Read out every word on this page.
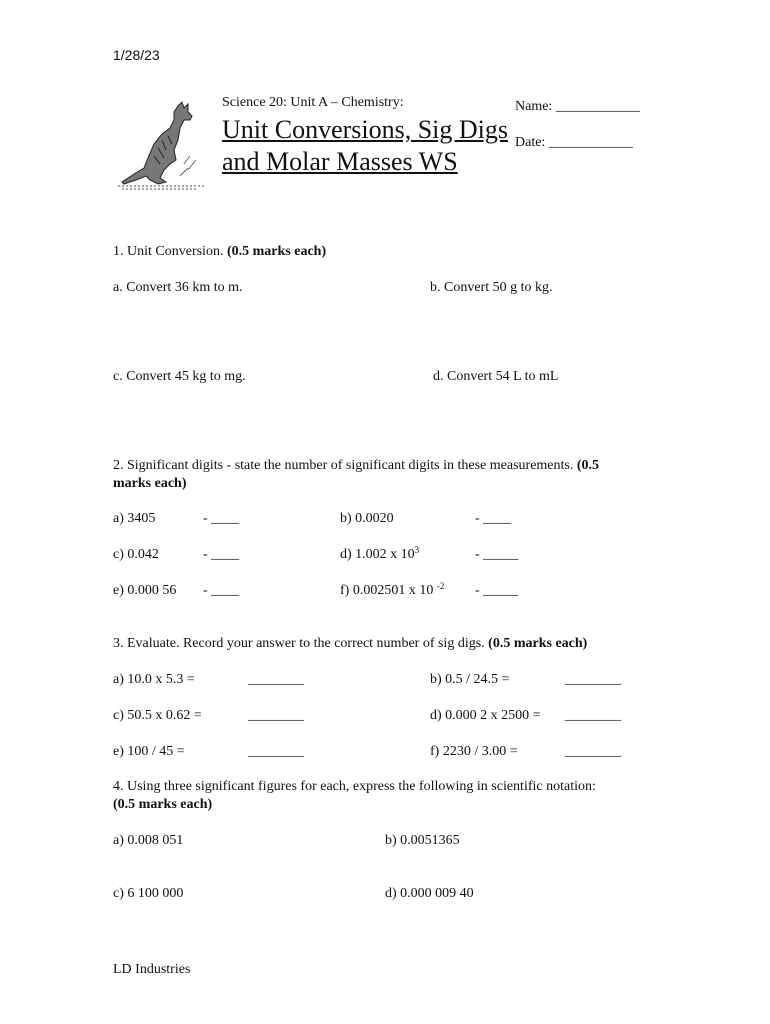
1/28/23
Science 20: Unit A – Chemistry:
Unit Conversions, Sig Digs and Molar Masses WS
Name: ____________
Date: ____________
1. Unit Conversion. (0.5 marks each)
a. Convert 36 km to m.	b. Convert 50 g to kg.
c. Convert 45 kg to mg.	d. Convert 54 L to mL
2. Significant digits - state the number of significant digits in these measurements. (0.5
marks each)
a) 3405	- ____	b) 0.0020	- ____
c) 0.042	- ____	d) 1.002 x $10^3$	- _____
e) 0.000 56 - ____	f) 0.002501 x 10 $^{-2}$ - _____
3. Evaluate. Record your answer to the correct number of sig digs. (0.5 marks each)
a) 10.0 x 5.3 =	________	b) 0.5 / 24.5 =	________
c) 50.5 x 0.62 =	________	d) 0.000 2 x 2500 = ________
e) 100 / 45 =	________	f) 2230 / 3.00 =	________
4. Using three significant figures for each, express the following in scientific notation:
(0.5 marks each)
a) 0.008 051	b) 0.0051365
c) 6 100 000	d) 0.000 009 40
LD Industries
